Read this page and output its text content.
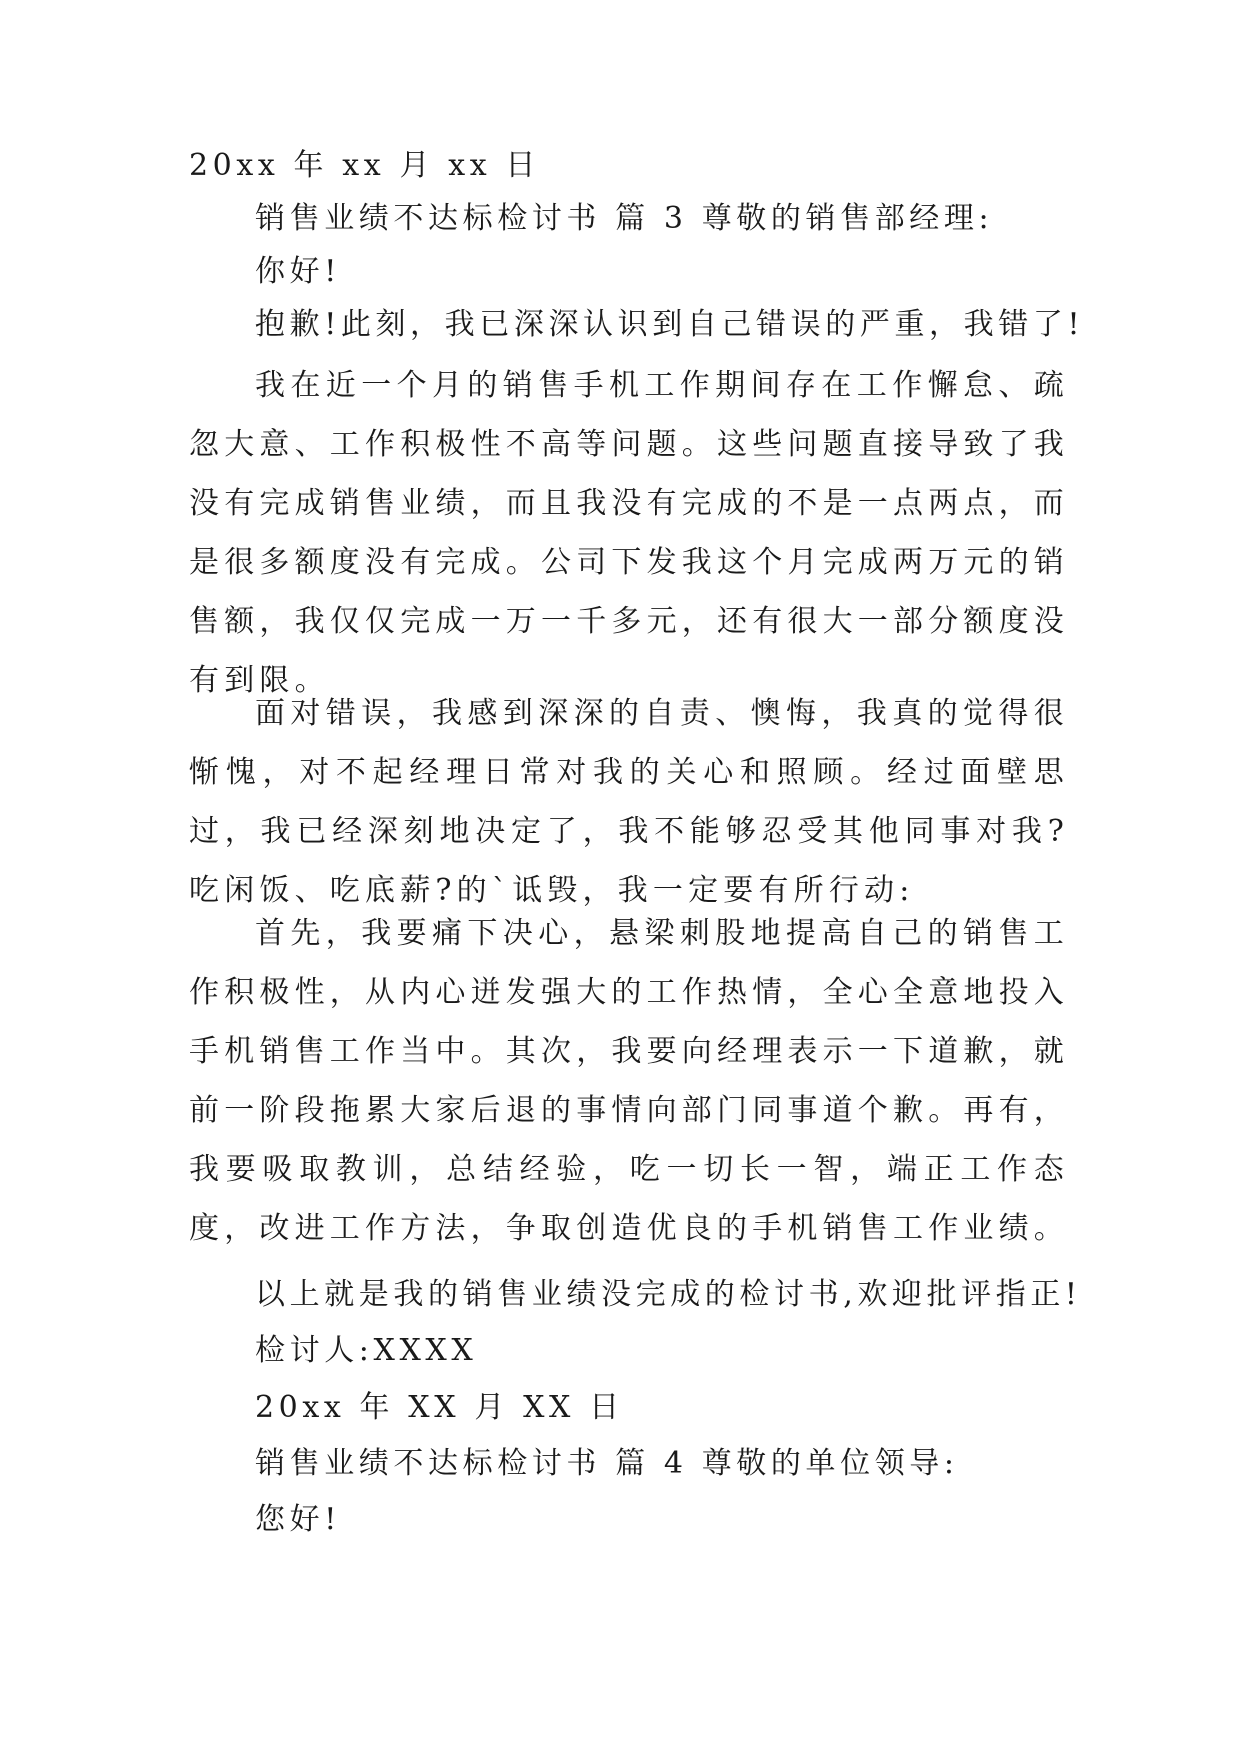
20xx 年 xx 月 xx 日
销售业绩不达标检讨书 篇 3 尊敬的销售部经理:
你好!
抱歉!此刻，我已深深认识到自己错误的严重，我错了!

我在近一个月的销售手机工作期间存在工作懈怠、疏忽大意、工作积极性不高等问题。这些问题直接导致了我没有完成销售业绩，而且我没有完成的不是一点两点，而是很多额度没有完成。公司下发我这个月完成两万元的销售额，我仅仅完成一万一千多元，还有很大一部分额度没有到限。

面对错误，我感到深深的自责、懊悔，我真的觉得很惭愧，对不起经理日常对我的关心和照顾。经过面壁思过，我已经深刻地决定了，我不能够忍受其他同事对我?吃闲饭、吃底薪?的`诋毁，我一定要有所行动:

首先，我要痛下决心，悬梁刺股地提高自己的销售工作积极性，从内心迸发强大的工作热情，全心全意地投入手机销售工作当中。其次，我要向经理表示一下道歉，就前一阶段拖累大家后退的事情向部门同事道个歉。再有，我要吸取教训，总结经验，吃一切长一智，端正工作态度，改进工作方法，争取创造优良的手机销售工作业绩。

以上就是我的销售业绩没完成的检讨书,欢迎批评指正!
检讨人:XXXX
20xx 年 XX 月 XX 日
销售业绩不达标检讨书 篇 4 尊敬的单位领导:
您好!
